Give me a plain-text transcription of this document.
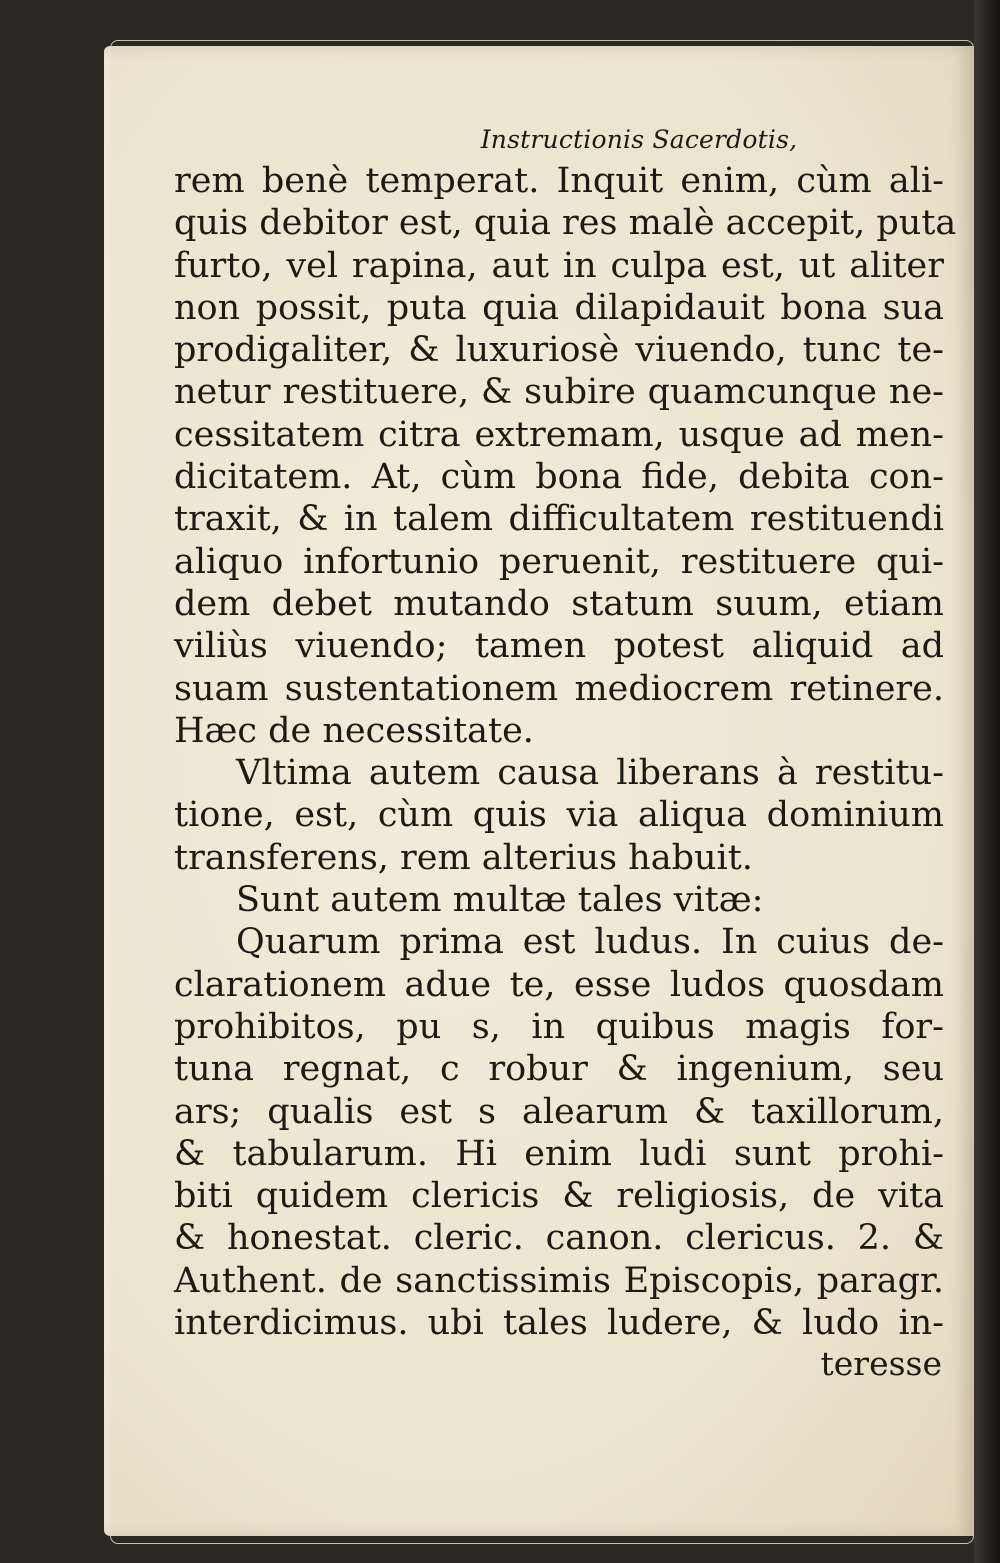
Instructionis Sacerdotis,
rem benè temperat. Inquit enim, cùm ali-
quis debitor est, quia res malè accepit, puta
furto, vel rapina, aut in culpa est, ut aliter
non possit, puta quia dilapidauit bona sua
prodigaliter, & luxuriosè viuendo, tunc te-
netur restituere, & subire quamcunque ne-
cessitatem citra extremam, usque ad men-
dicitatem. At, cùm bona fide, debita con-
traxit, & in talem difficultatem restituendi
aliquo infortunio peruenit, restituere qui-
dem debet mutando statum suum, etiam
viliùs viuendo; tamen potest aliquid ad
suam sustentationem mediocrem retinere.
Hæc de necessitate.
Vltima autem causa liberans à restitu-
tione, est, cùm quis via aliqua dominium
transferens, rem alterius habuit.
Sunt autem multæ tales vitæ:
Quarum prima est ludus. In cuius de-
clarationem adue te, esse ludos quosdam
prohibitos, pu s, in quibus magis for-
tuna regnat, c robur & ingenium, seu
ars; qualis est s alearum & taxillorum,
& tabularum. Hi enim ludi sunt prohi-
biti quidem clericis & religiosis, de vita
& honestat. cleric. canon. clericus. 2. &
Authent. de sanctissimis Episcopis, paragr.
interdicimus. ubi tales ludere, & ludo in-
teresse
